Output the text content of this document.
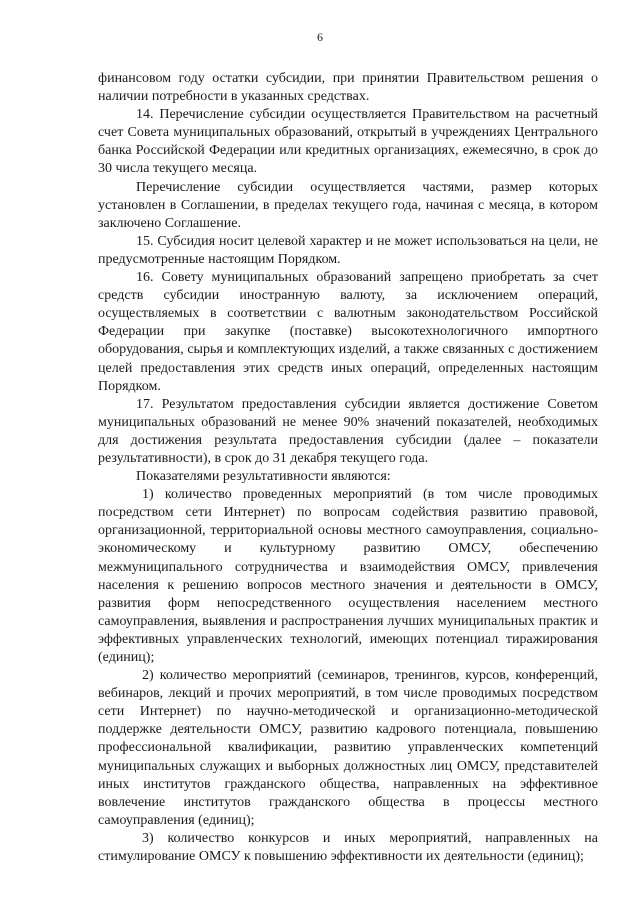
6

финансовом году остатки субсидии, при принятии Правительством решения о наличии потребности в указанных средствах.

14. Перечисление субсидии осуществляется Правительством на расчетный счет Совета муниципальных образований, открытый в учреждениях Центрального банка Российской Федерации или кредитных организациях, ежемесячно, в срок до 30 числа текущего месяца.

Перечисление субсидии осуществляется частями, размер которых установлен в Соглашении, в пределах текущего года, начиная с месяца, в котором заключено Соглашение.

15. Субсидия носит целевой характер и не может использоваться на цели, не предусмотренные настоящим Порядком.

16. Совету муниципальных образований запрещено приобретать за счет средств субсидии иностранную валюту, за исключением операций, осуществляемых в соответствии с валютным законодательством Российской Федерации при закупке (поставке) высокотехнологичного импортного оборудования, сырья и комплектующих изделий, а также связанных с достижением целей предоставления этих средств иных операций, определенных настоящим Порядком.

17. Результатом предоставления субсидии является достижение Советом муниципальных образований не менее 90% значений показателей, необходимых для достижения результата предоставления субсидии (далее – показатели результативности), в срок до 31 декабря текущего года.

Показателями результативности являются:

1) количество проведенных мероприятий (в том числе проводимых посредством сети Интернет) по вопросам содействия развитию правовой, организационной, территориальной основы местного самоуправления, социально-экономическому и культурному развитию ОМСУ, обеспечению межмуниципального сотрудничества и взаимодействия ОМСУ, привлечения населения к решению вопросов местного значения и деятельности в ОМСУ, развития форм непосредственного осуществления населением местного самоуправления, выявления и распространения лучших муниципальных практик и эффективных управленческих технологий, имеющих потенциал тиражирования (единиц);

2) количество мероприятий (семинаров, тренингов, курсов, конференций, вебинаров, лекций и прочих мероприятий, в том числе проводимых посредством сети Интернет) по научно-методической и организационно-методической поддержке деятельности ОМСУ, развитию кадрового потенциала, повышению профессиональной квалификации, развитию управленческих компетенций муниципальных служащих и выборных должностных лиц ОМСУ, представителей иных институтов гражданского общества, направленных на эффективное вовлечение институтов гражданского общества в процессы местного самоуправления (единиц);

3) количество конкурсов и иных мероприятий, направленных на стимулирование ОМСУ к повышению эффективности их деятельности (единиц);
